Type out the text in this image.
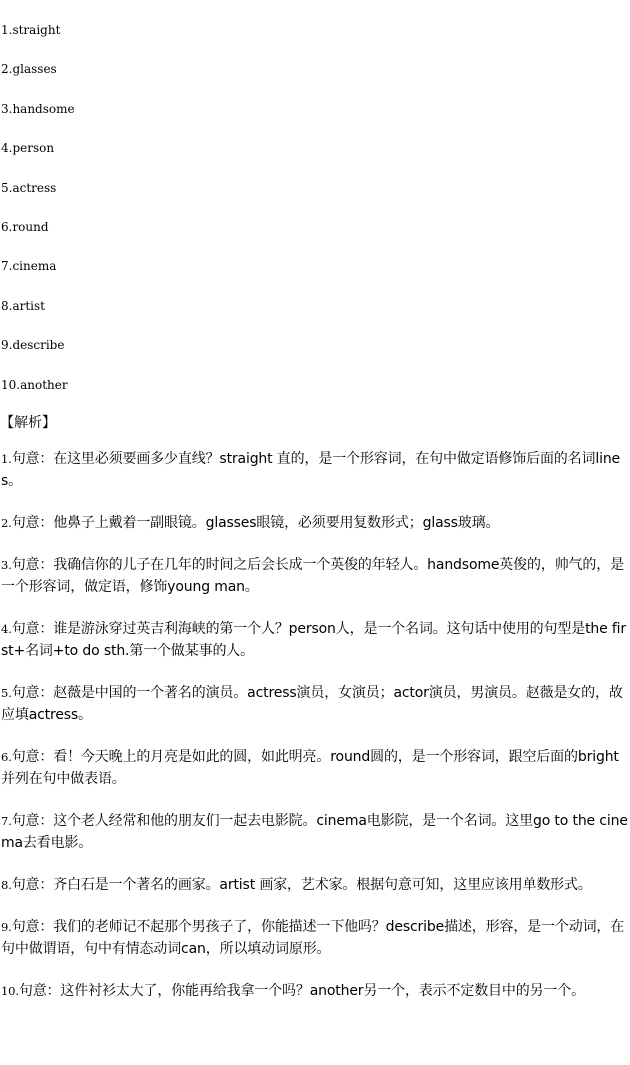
1.straight
2.glasses
3.handsome
4.person
5.actress
6.round
7.cinema
8.artist
9.describe
10.another
【解析】
1.句意：在这里必须要画多少直线？straight 直的，是一个形容词，在句中做定语修饰后面的名词lines。
2.句意：他鼻子上戴着一副眼镜。glasses眼镜，必须要用复数形式；glass玻璃。
3.句意：我确信你的儿子在几年的时间之后会长成一个英俊的年轻人。handsome英俊的，帅气的，是一个形容词，做定语，修饰young man。
4.句意：谁是游泳穿过英吉利海峡的第一个人？person人，是一个名词。这句话中使用的句型是the first+名词+to do sth.第一个做某事的人。
5.句意：赵薇是中国的一个著名的演员。actress演员，女演员；actor演员，男演员。赵薇是女的，故应填actress。
6.句意：看！今天晚上的月亮是如此的圆，如此明亮。round圆的，是一个形容词，跟空后面的bright并列在句中做表语。
7.句意：这个老人经常和他的朋友们一起去电影院。cinema电影院，是一个名词。这里go to the cinema去看电影。
8.句意：齐白石是一个著名的画家。artist 画家，艺术家。根据句意可知，这里应该用单数形式。
9.句意：我们的老师记不起那个男孩子了，你能描述一下他吗？describe描述，形容，是一个动词，在句中做谓语，句中有情态动词can，所以填动词原形。
10.句意：这件衬衫太大了，你能再给我拿一个吗？another另一个，表示不定数目中的另一个。
